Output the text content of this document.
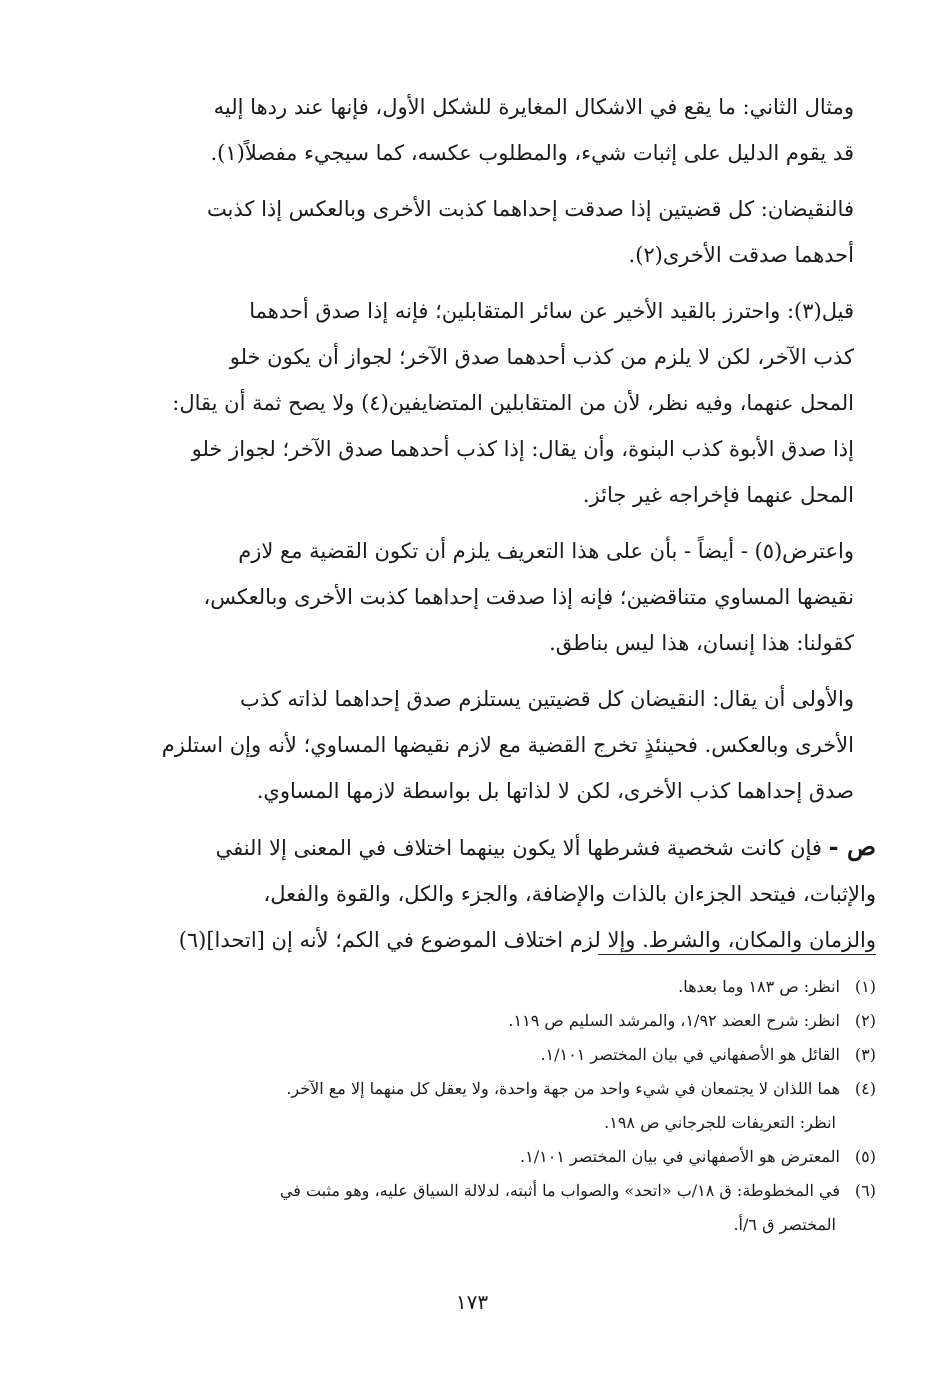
ومثال الثاني: ما يقع في الاشكال المغايرة للشكل الأول، فإنها عند ردها إليه
قد يقوم الدليل على إثبات شيء، والمطلوب عكسه، كما سيجيء مفصلاً(١).

فالنقيضان: كل قضيتين إذا صدقت إحداهما كذبت الأخرى وبالعكس إذا كذبت
أحدهما صدقت الأخرى(٢).

قيل(٣): واحترز بالقيد الأخير عن سائر المتقابلين؛ فإنه إذا صدق أحدهما
كذب الآخر، لكن لا يلزم من كذب أحدهما صدق الآخر؛ لجواز أن يكون خلو
المحل عنهما، وفيه نظر، لأن من المتقابلين المتضايفين(٤) ولا يصح ثمة أن يقال:
إذا صدق الأبوة كذب البنوة، وأن يقال: إذا كذب أحدهما صدق الآخر؛ لجواز خلو
المحل عنهما فإخراجه غير جائز.

واعترض(٥) - أيضاً - بأن على هذا التعريف يلزم أن تكون القضية مع لازم
نقيضها المساوي متناقضين؛ فإنه إذا صدقت إحداهما كذبت الأخرى وبالعكس،
كقولنا: هذا إنسان، هذا ليس بناطق.

والأولى أن يقال: النقيضان كل قضيتين يستلزم صدق إحداهما لذاته كذب
الأخرى وبالعكس. فحينئذٍ تخرج القضية مع لازم نقيضها المساوي؛ لأنه وإن استلزم
صدق إحداهما كذب الأخرى، لكن لا لذاتها بل بواسطة لازمها المساوي.

ص - فإن كانت شخصية فشرطها ألا يكون بينهما اختلاف في المعنى إلا النفي
والإثبات، فيتحد الجزءان بالذات والإضافة، والجزء والكل، والقوة والفعل،
والزمان والمكان، والشرط. وإلا لزم اختلاف الموضوع في الكم؛ لأنه إن [اتحدا](٦)

(١)انظر: ص ١٨٣ وما بعدها.
(٢)انظر: شرح العضد ١/٩٢، والمرشد السليم ص ١١٩.
(٣)القائل هو الأصفهاني في بيان المختصر ١/١٠١.
(٤)هما اللذان لا يجتمعان في شيء واحد من جهة واحدة، ولا يعقل كل منهما إلا مع الآخر.
انظر: التعريفات للجرجاني ص ١٩٨.
(٥)المعترض هو الأصفهاني في بيان المختصر ١/١٠١.
(٦)في المخطوطة: ق ١٨/ب «اتحد» والصواب ما أثبته، لدلالة السياق عليه، وهو مثبت في
المختصر ق ٦/أ.
١٧٣
